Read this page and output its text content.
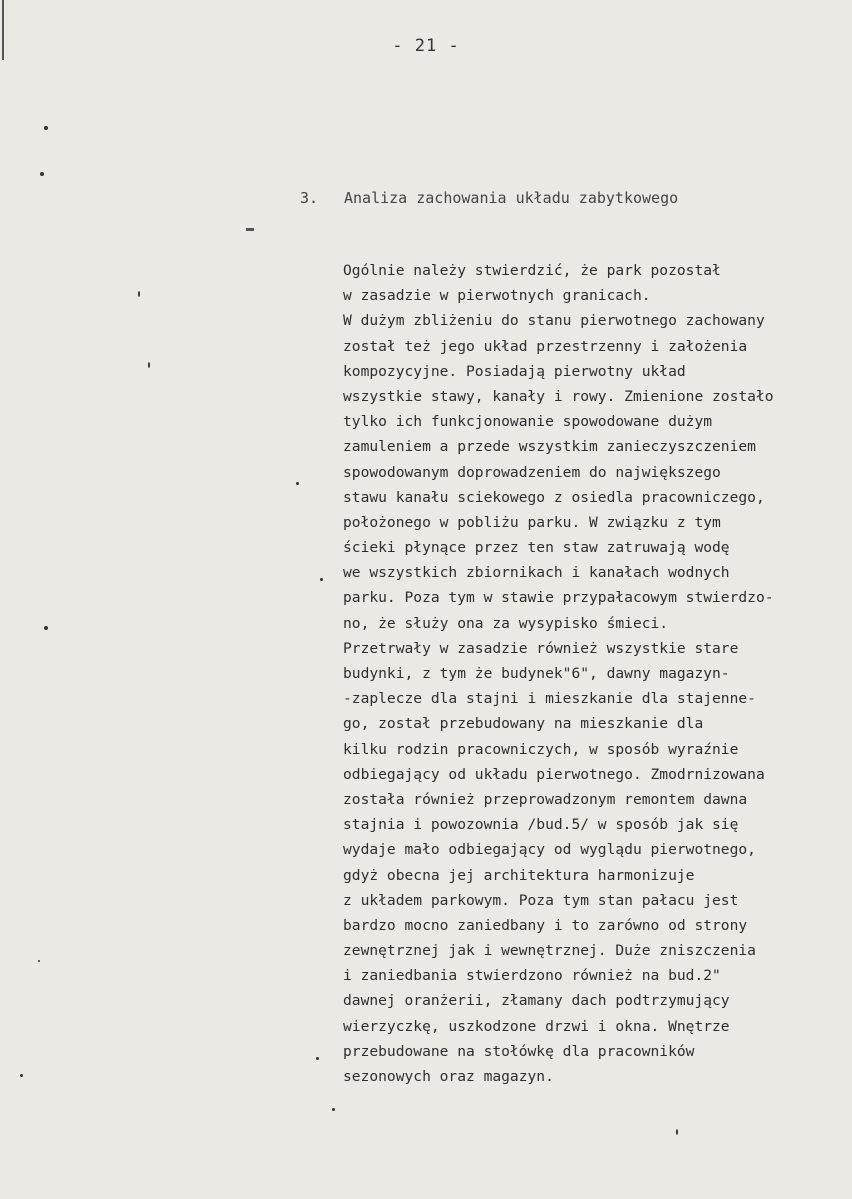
- 21 -
3. Analiza zachowania układu zabytkowego
Ogólnie należy stwierdzić, że park pozostał
w zasadzie w pierwotnych granicach.
W dużym zbliżeniu do stanu pierwotnego zachowany
został też jego układ przestrzenny i założenia
kompozycyjne. Posiadają pierwotny układ
wszystkie stawy, kanały i rowy. Zmienione zostało
tylko ich funkcjonowanie spowodowane dużym
zamuleniem a przede wszystkim zanieczyszczeniem
spowodowanym doprowadzeniem do największego
stawu kanału sciekowego z osiedla pracowniczego,
położonego w pobliżu parku. W związku z tym
ścieki płynące przez ten staw zatruwają wodę
we wszystkich zbiornikach i kanałach wodnych
parku. Poza tym w stawie przypałacowym stwierdzo-
no, że służy ona za wysypisko śmieci.
Przetrwały w zasadzie również wszystkie stare
budynki, z tym że budynek"6", dawny magazyn-
-zaplecze dla stajni i mieszkanie dla stajenne-
go, został przebudowany na mieszkanie dla
kilku rodzin pracowniczych, w sposób wyraźnie
odbiegający od układu pierwotnego. Zmodrnizowana
została również przeprowadzonym remontem dawna
stajnia i powozownia /bud.5/ w sposób jak się
wydaje mało odbiegający od wyglądu pierwotnego,
gdyż obecna jej architektura harmonizuje
z układem parkowym. Poza tym stan pałacu jest
bardzo mocno zaniedbany i to zarówno od strony
zewnętrznej jak i wewnętrznej. Duże zniszczenia
i zaniedbania stwierdzono również na bud.2"
dawnej oranżerii, złamany dach podtrzymujący
wierzyczkę, uszkodzone drzwi i okna. Wnętrze
przebudowane na stołówkę dla pracowników
sezonowych oraz magazyn.
